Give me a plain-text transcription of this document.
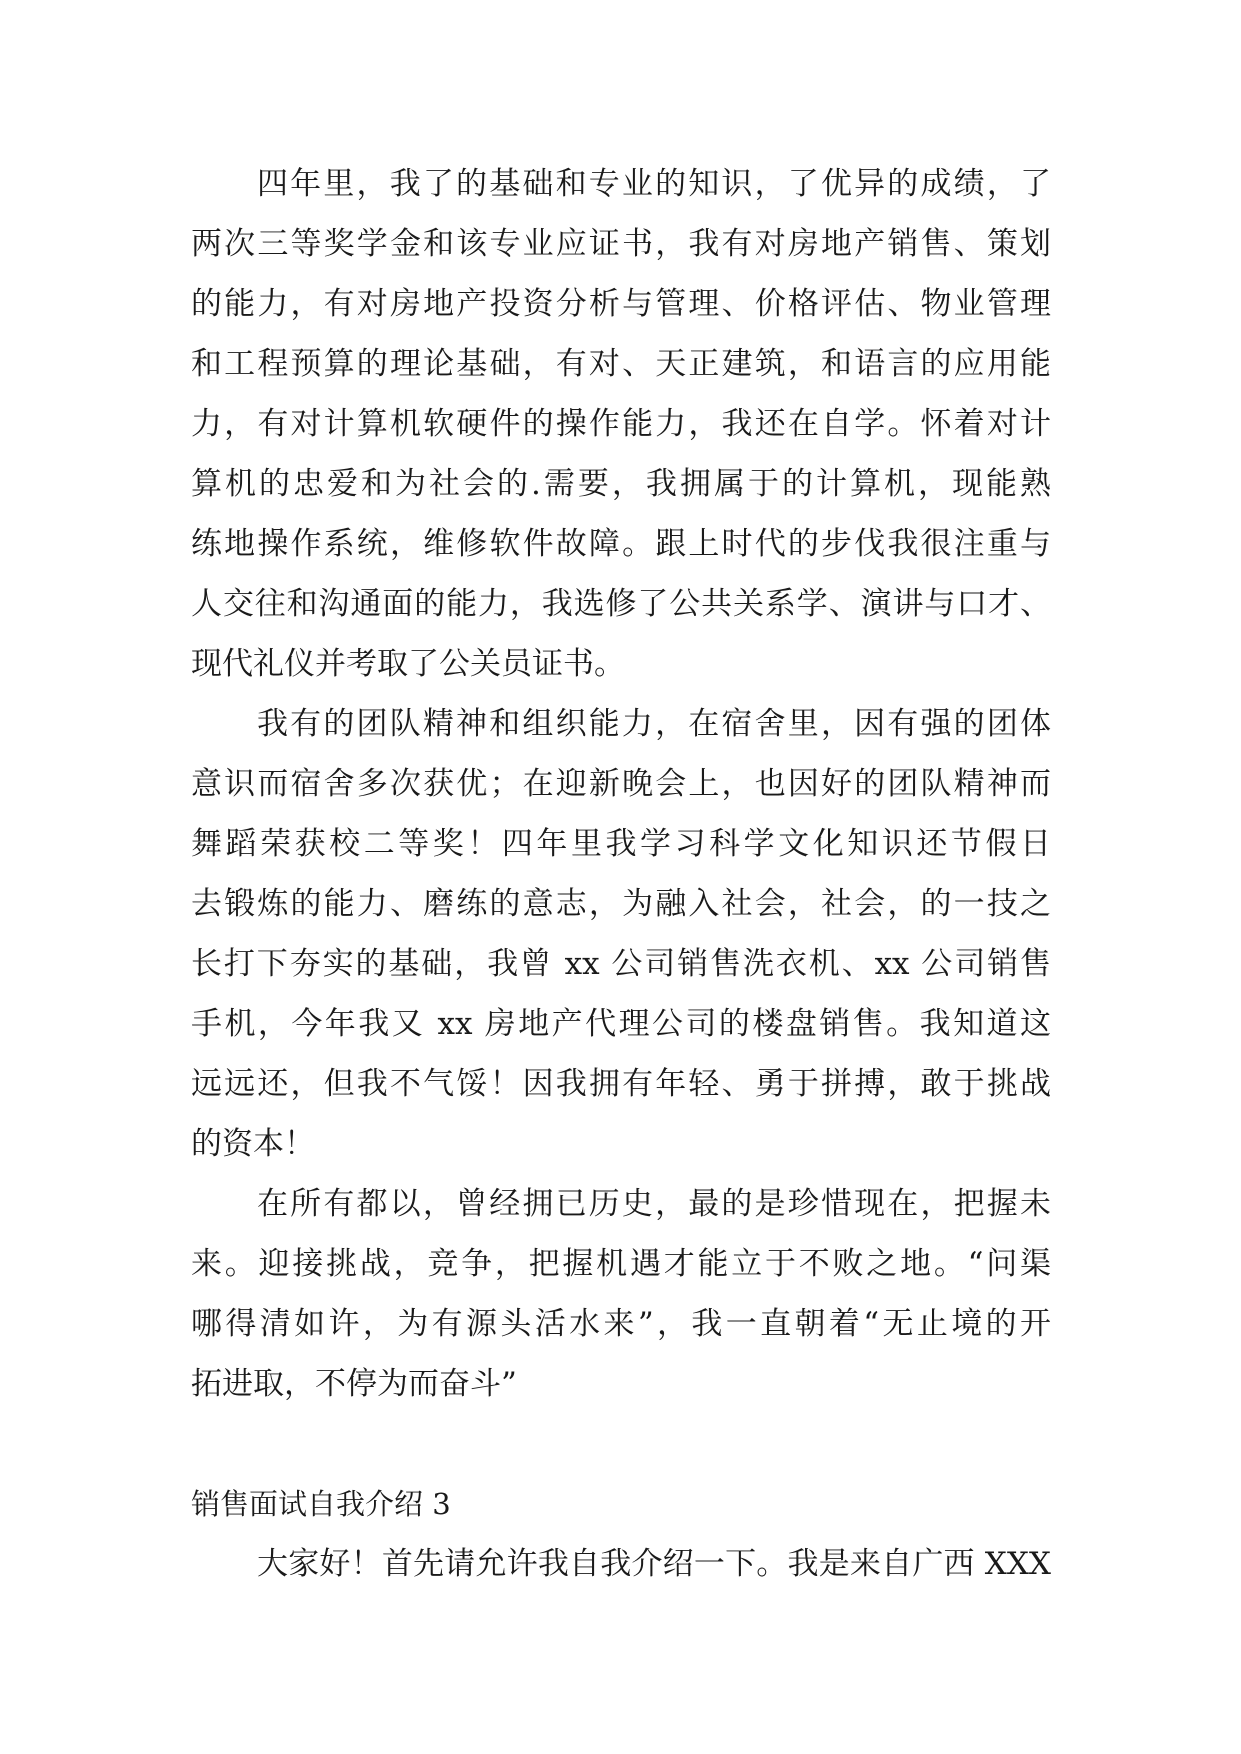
四年里，我了的基础和专业的知识，了优异的成绩，了
两次三等奖学金和该专业应证书，我有对房地产销售、策划
的能力，有对房地产投资分析与管理、价格评估、物业管理
和工程预算的理论基础，有对、天正建筑，和语言的应用能
力，有对计算机软硬件的操作能力，我还在自学。怀着对计
算机的忠爱和为社会的.需要，我拥属于的计算机，现能熟
练地操作系统，维修软件故障。跟上时代的步伐我很注重与
人交往和沟通面的能力，我选修了公共关系学、演讲与口才、
现代礼仪并考取了公关员证书。
我有的团队精神和组织能力，在宿舍里，因有强的团体
意识而宿舍多次获优；在迎新晚会上，也因好的团队精神而
舞蹈荣获校二等奖！四年里我学习科学文化知识还节假日
去锻炼的能力、磨练的意志，为融入社会，社会，的一技之
长打下夯实的基础，我曾 xx 公司销售洗衣机、xx 公司销售
手机，今年我又 xx 房地产代理公司的楼盘销售。我知道这
远远还，但我不气馁！因我拥有年轻、勇于拼搏，敢于挑战
的资本！
在所有都以，曾经拥已历史，最的是珍惜现在，把握未
来。迎接挑战，竞争，把握机遇才能立于不败之地。“问渠
哪得清如许，为有源头活水来”，我一直朝着“无止境的开
拓进取，不停为而奋斗”
销售面试自我介绍 3
大家好！首先请允许我自我介绍一下。我是来自广西 XXX
